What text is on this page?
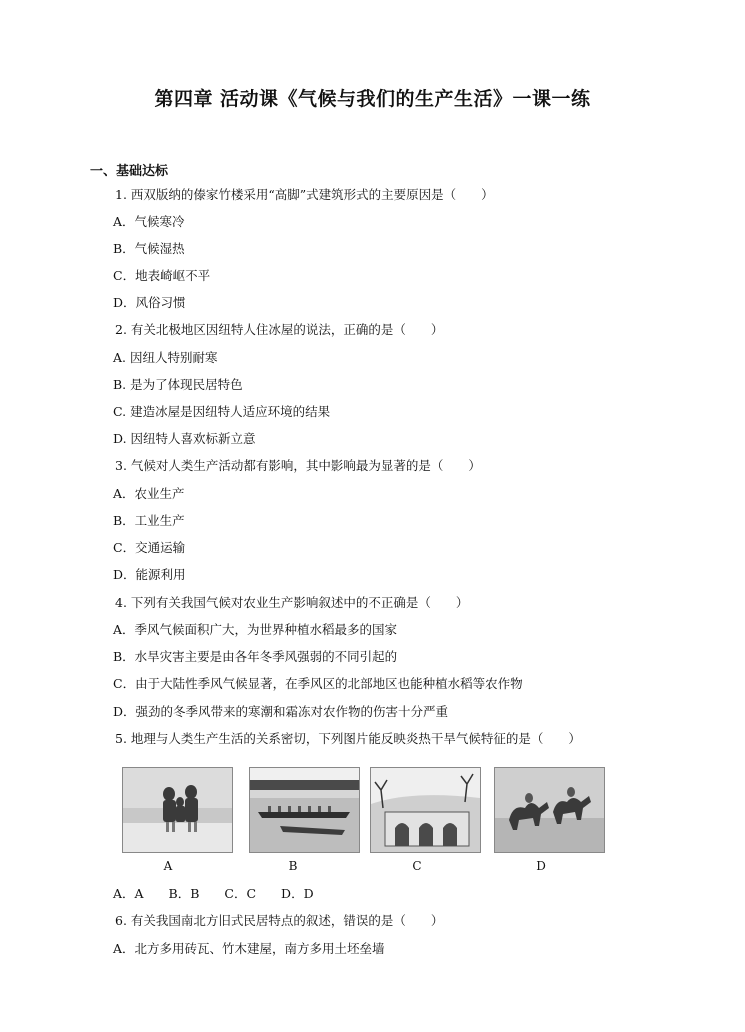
第四章 活动课《气候与我们的生产生活》一课一练
一、基础达标
1. 西双版纳的傣家竹楼采用“高脚”式建筑形式的主要原因是（　　）
A．气候寒冷
B．气候湿热
C．地表崎岖不平
D．风俗习惯
2. 有关北极地区因纽特人住冰屋的说法，正确的是（　　）
A. 因纽人特别耐寒
B. 是为了体现民居特色
C. 建造冰屋是因纽特人适应环境的结果
D. 因纽特人喜欢标新立意
3. 气候对人类生产活动都有影响，其中影响最为显著的是（　　）
A．农业生产
B．工业生产
C．交通运输
D．能源利用
4. 下列有关我国气候对农业生产影响叙述中的不正确是（　　）
A．季风气候面积广大，为世界种植水稻最多的国家
B．水旱灾害主要是由各年冬季风强弱的不同引起的
C．由于大陆性季风气候显著，在季风区的北部地区也能种植水稻等农作物
D．强劲的冬季风带来的寒潮和霜冻对农作物的伤害十分严重
5. 地理与人类生产生活的关系密切，下列图片能反映炎热干旱气候特征的是（　　）
A	B	C	D
A．A　　B．B　　C．C　　D．D
6. 有关我国南北方旧式民居特点的叙述，错误的是（　　）
A．北方多用砖瓦、竹木建屋，南方多用土坯垒墙
